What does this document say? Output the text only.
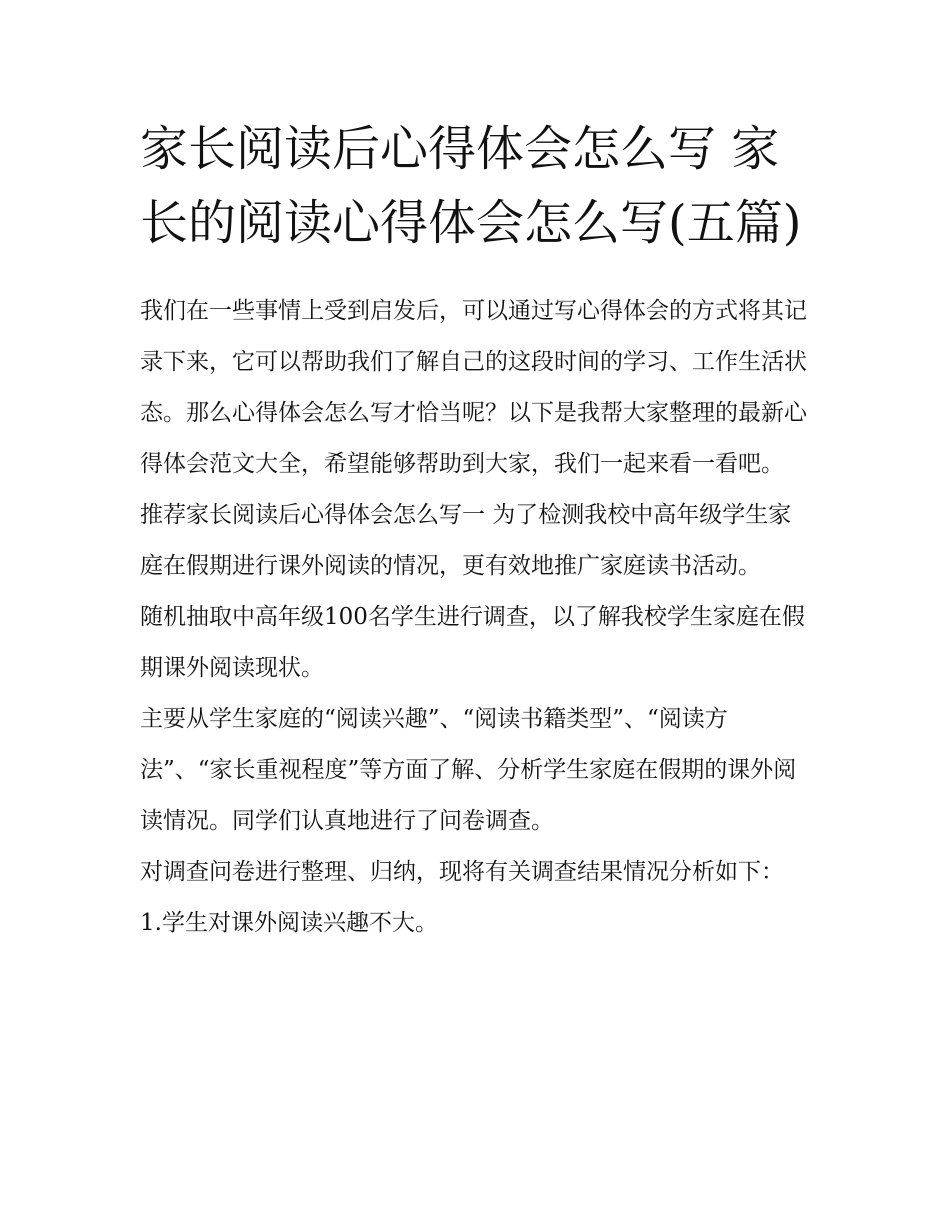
家长阅读后心得体会怎么写 家长的阅读心得体会怎么写(五篇)

我们在一些事情上受到启发后，可以通过写心得体会的方式将其记录下来，它可以帮助我们了解自己的这段时间的学习、工作生活状态。那么心得体会怎么写才恰当呢？以下是我帮大家整理的最新心得体会范文大全，希望能够帮助到大家，我们一起来看一看吧。

推荐家长阅读后心得体会怎么写一 为了检测我校中高年级学生家庭在假期进行课外阅读的情况，更有效地推广家庭读书活动。

随机抽取中高年级100名学生进行调查，以了解我校学生家庭在假期课外阅读现状。

主要从学生家庭的“阅读兴趣”、“阅读书籍类型”、“阅读方法”、“家长重视程度”等方面了解、分析学生家庭在假期的课外阅读情况。同学们认真地进行了问卷调查。

对调查问卷进行整理、归纳，现将有关调查结果情况分析如下： 1.学生对课外阅读兴趣不大。
